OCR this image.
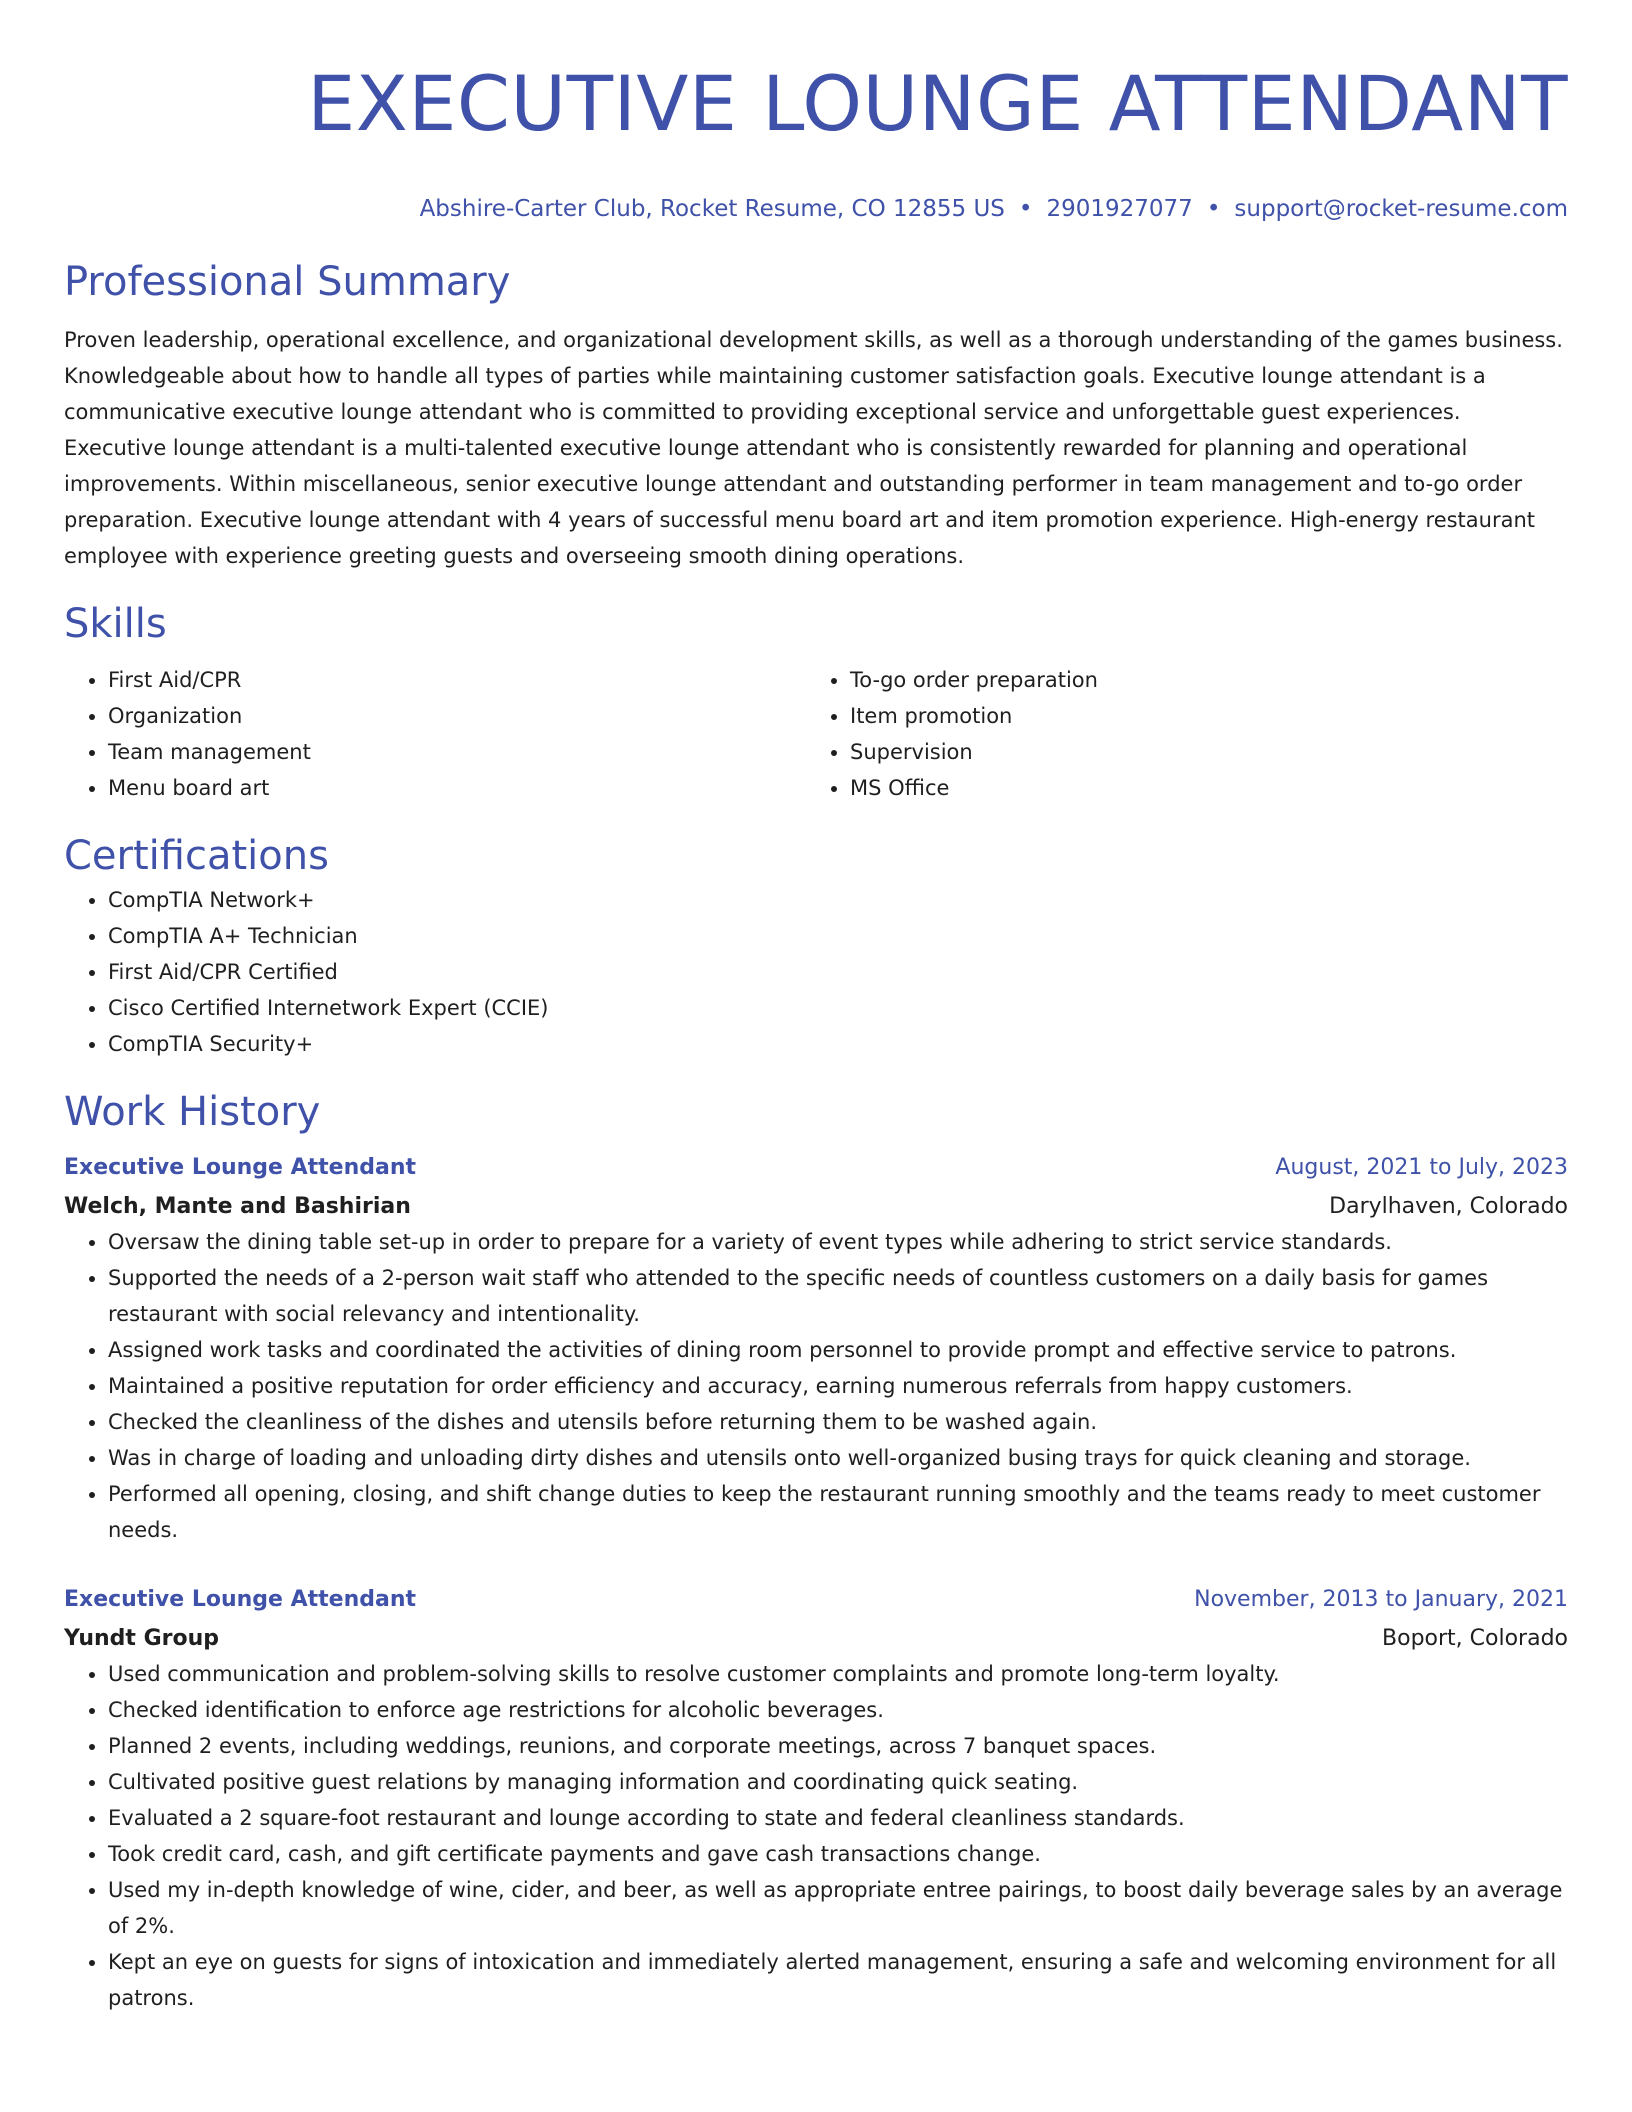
EXECUTIVE LOUNGE ATTENDANT
Abshire-Carter Club, Rocket Resume, CO 12855 US • 2901927077 • support@rocket-resume.com
Professional Summary
Proven leadership, operational excellence, and organizational development skills, as well as a thorough understanding of the games business. Knowledgeable about how to handle all types of parties while maintaining customer satisfaction goals. Executive lounge attendant is a communicative executive lounge attendant who is committed to providing exceptional service and unforgettable guest experiences. Executive lounge attendant is a multi-talented executive lounge attendant who is consistently rewarded for planning and operational improvements. Within miscellaneous, senior executive lounge attendant and outstanding performer in team management and to-go order preparation. Executive lounge attendant with 4 years of successful menu board art and item promotion experience. High-energy restaurant employee with experience greeting guests and overseeing smooth dining operations.
Skills
• First Aid/CPR
• Organization
• Team management
• Menu board art
• To-go order preparation
• Item promotion
• Supervision
• MS Office
Certifications
• CompTIA Network+
• CompTIA A+ Technician
• First Aid/CPR Certified
• Cisco Certified Internetwork Expert (CCIE)
• CompTIA Security+
Work History
Executive Lounge Attendant	August, 2021 to July, 2023
Welch, Mante and Bashirian	Darylhaven, Colorado
• Oversaw the dining table set-up in order to prepare for a variety of event types while adhering to strict service standards.
• Supported the needs of a 2-person wait staff who attended to the specific needs of countless customers on a daily basis for games restaurant with social relevancy and intentionality.
• Assigned work tasks and coordinated the activities of dining room personnel to provide prompt and effective service to patrons.
• Maintained a positive reputation for order efficiency and accuracy, earning numerous referrals from happy customers.
• Checked the cleanliness of the dishes and utensils before returning them to be washed again.
• Was in charge of loading and unloading dirty dishes and utensils onto well-organized busing trays for quick cleaning and storage.
• Performed all opening, closing, and shift change duties to keep the restaurant running smoothly and the teams ready to meet customer needs.
Executive Lounge Attendant	November, 2013 to January, 2021
Yundt Group	Boport, Colorado
• Used communication and problem-solving skills to resolve customer complaints and promote long-term loyalty.
• Checked identification to enforce age restrictions for alcoholic beverages.
• Planned 2 events, including weddings, reunions, and corporate meetings, across 7 banquet spaces.
• Cultivated positive guest relations by managing information and coordinating quick seating.
• Evaluated a 2 square-foot restaurant and lounge according to state and federal cleanliness standards.
• Took credit card, cash, and gift certificate payments and gave cash transactions change.
• Used my in-depth knowledge of wine, cider, and beer, as well as appropriate entree pairings, to boost daily beverage sales by an average of 2%.
• Kept an eye on guests for signs of intoxication and immediately alerted management, ensuring a safe and welcoming environment for all patrons.
